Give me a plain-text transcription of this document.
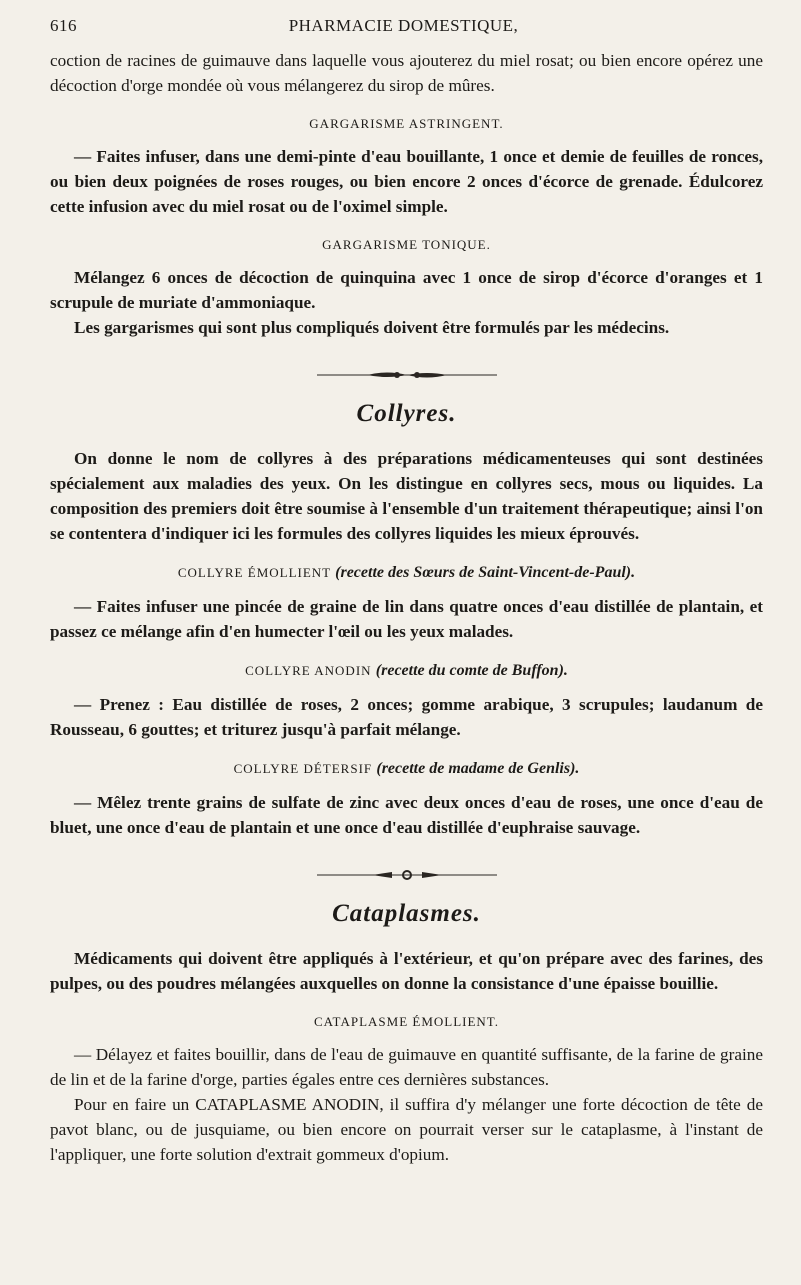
616	PHARMACIE DOMESTIQUE,

coction de racines de guimauve dans laquelle vous ajouterez du miel rosat; ou bien encore opérez une décoction d'orge mondée où vous mélangerez du sirop de mûres.

GARGARISME ASTRINGENT.

— Faites infuser, dans une demi-pinte d'eau bouillante, 1 once et demie de feuilles de ronces, ou bien deux poignées de roses rouges, ou bien encore 2 onces d'écorce de grenade. Édulcorez cette infusion avec du miel rosat ou de l'oximel simple.

GARGARISME TONIQUE.

Mélangez 6 onces de décoction de quinquina avec 1 once de sirop d'écorce d'oranges et 1 scrupule de muriate d'ammoniaque.

Les gargarismes qui sont plus compliqués doivent être formulés par les médecins.

Collyres.

On donne le nom de collyres à des préparations médicamenteuses qui sont destinées spécialement aux maladies des yeux. On les distingue en collyres secs, mous ou liquides. La composition des premiers doit être soumise à l'ensemble d'un traitement thérapeutique; ainsi l'on se contentera d'indiquer ici les formules des collyres liquides les mieux éprouvés.

COLLYRE ÉMOLLIENT (recette des Sœurs de Saint-Vincent-de-Paul).

— Faites infuser une pincée de graine de lin dans quatre onces d'eau distillée de plantain, et passez ce mélange afin d'en humecter l'œil ou les yeux malades.

COLLYRE ANODIN (recette du comte de Buffon).

— Prenez : Eau distillée de roses, 2 onces; gomme arabique, 3 scrupules; laudanum de Rousseau, 6 gouttes; et triturez jusqu'à parfait mélange.

COLLYRE DÉTERSIF (recette de madame de Genlis).

— Mêlez trente grains de sulfate de zinc avec deux onces d'eau de roses, une once d'eau de bluet, une once d'eau de plantain et une once d'eau distillée d'euphraise sauvage.

Cataplasmes.

Médicaments qui doivent être appliqués à l'extérieur, et qu'on prépare avec des farines, des pulpes, ou des poudres mélangées auxquelles on donne la consistance d'une épaisse bouillie.

CATAPLASME ÉMOLLIENT.

— Délayez et faites bouillir, dans de l'eau de guimauve en quantité suffisante, de la farine de graine de lin et de la farine d'orge, parties égales entre ces dernières substances.

Pour en faire un CATAPLASME ANODIN, il suffira d'y mélanger une forte décoction de tête de pavot blanc, ou de jusquiame, ou bien encore on pourrait verser sur le cataplasme, à l'instant de l'appliquer, une forte solution d'extrait gommeux d'opium.
